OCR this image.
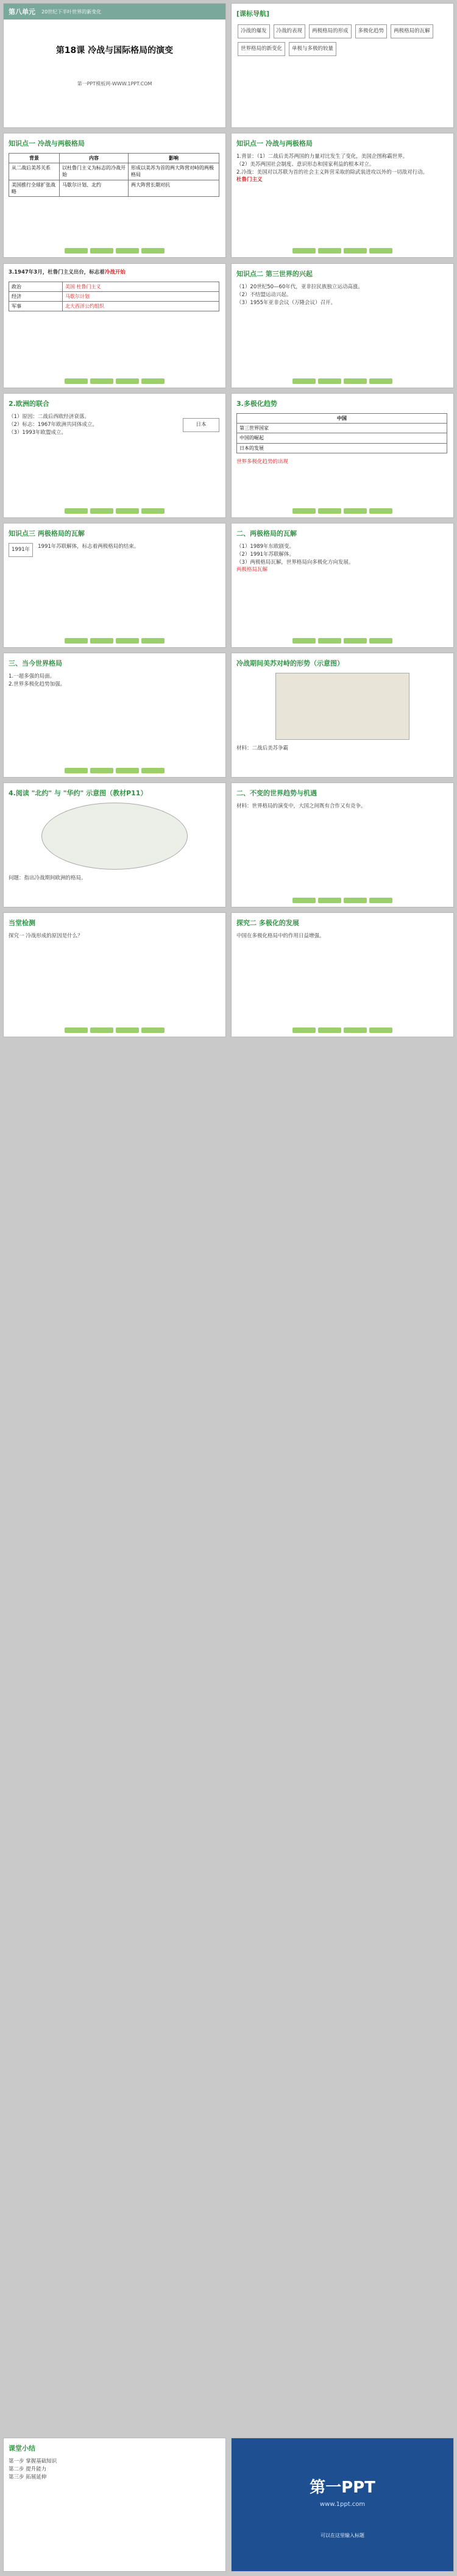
第八单元 20世纪下半叶世界的新变化
第18课 冷战与国际格局的演变
第一PPT模板网-WWW.1PPT.COM
[课标导航]
冷战的爆发	冷战的表现	两极格局的形成	多极化趋势	两极格局的瓦解
世界格局的新变化	单极与多极的较量
知识点一 冷战与两极格局
背景	内容	影响
从二战后美苏关系	以杜鲁门主义为标志的冷战开始	形成以美苏为首的两大阵营对峙的两极格局
美国推行全球扩张战略	马歇尔计划、北约	两大阵营长期对抗
知识点一 冷战与两极格局

1.背景：（1）二战后美苏两国的力量对比发生了变化，美国企图称霸世界。

（2）美苏两国社会制度、意识形态和国家利益的根本对立。

2.冷战：美国对以苏联为首的社会主义阵营采取的除武装进攻以外的一切敌对行动。

杜鲁门主义

3.1947年3月，杜鲁门主义出台，标志着冷战开始
政治	美国 杜鲁门主义
经济	马歇尔计划
军事	北大西洋公约组织
知识点二 第三世界的兴起

（1）20世纪50—60年代，亚非拉民族独立运动高涨。

（2）不结盟运动兴起。

（3）1955年亚非会议（万隆会议）召开。

2.欧洲的联合

（1）原因：二战后西欧经济衰落。

（2）标志：1967年欧洲共同体成立。

（3）1993年欧盟成立。

日本
3.多极化趋势
中国
第三世界国家
中国的崛起
日本的发展
世界多极化趋势的出现
知识点三 两极格局的瓦解
1991年	1991年苏联解体，标志着两极格局的结束。
二、两极格局的瓦解

（1）1989年东欧剧变。

（2）1991年苏联解体。

（3）两极格局瓦解，世界格局向多极化方向发展。

两极格局瓦解

三、当今世界格局

1.一超多强的局面。

2.世界多极化趋势加强。

冷战期间美苏对峙的形势（示意图）
材料：二战后美苏争霸
4.阅读 "北约" 与 "华约" 示意图（教材P11）
问题：指出冷战期间欧洲的格局。
二、不变的世界趋势与机遇
材料：世界格局的演变中，大国之间既有合作又有竞争。
当堂检测
探究一 冷战形成的原因是什么？
探究二 多极化的发展
中国在多极化格局中的作用日益增强。
第一PPT
www.1ppt.com
可以在这里输入标题
课堂小结

第一步 掌握基础知识

第二步 提升能力

第三步 拓展延伸
